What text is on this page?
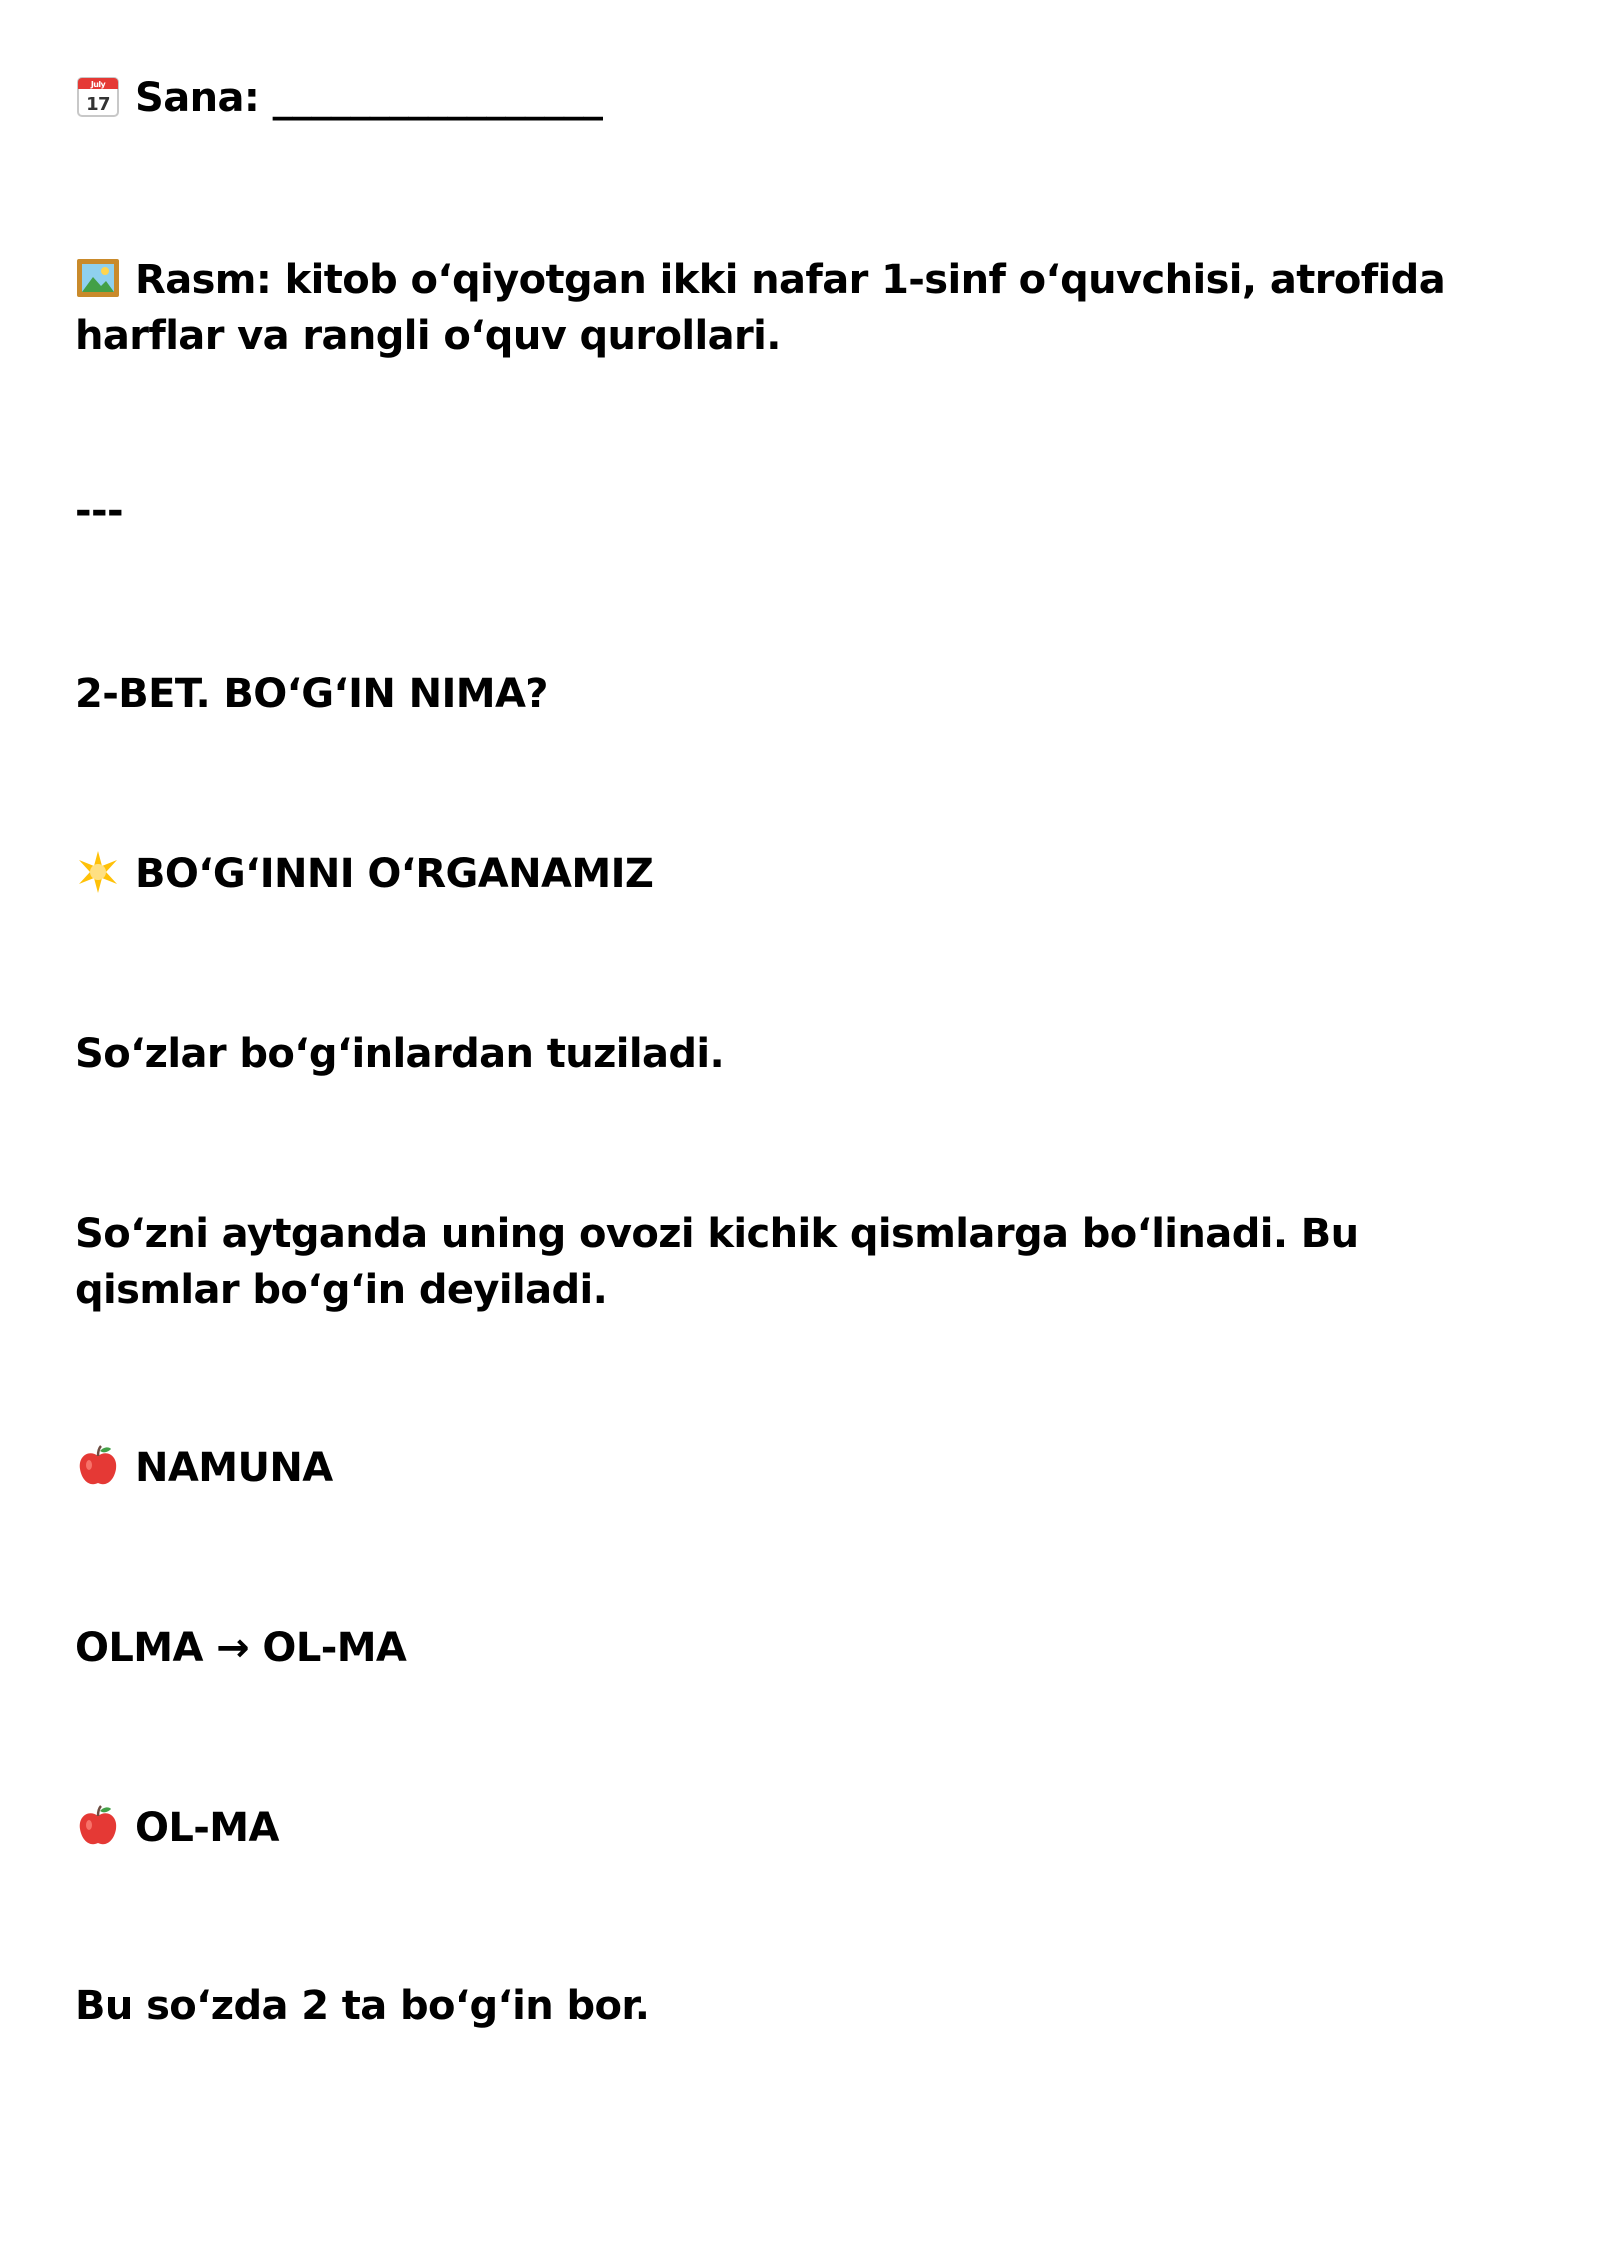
July
17 Sana: _________________
Rasm: kitob oʻqiyotgan ikki nafar 1-sinf oʻquvchisi, atrofida harflar va rangli oʻquv qurollari.
---
2-BET. BOʻGʻIN NIMA?
BOʻGʻINNI OʻRGANAMIZ
Soʻzlar boʻgʻinlardan tuziladi.
Soʻzni aytganda uning ovozi kichik qismlarga boʻlinadi. Bu qismlar boʻgʻin deyiladi.
NAMUNA
OLMA → OL-MA
OL-MA
Bu soʻzda 2 ta boʻgʻin bor.
